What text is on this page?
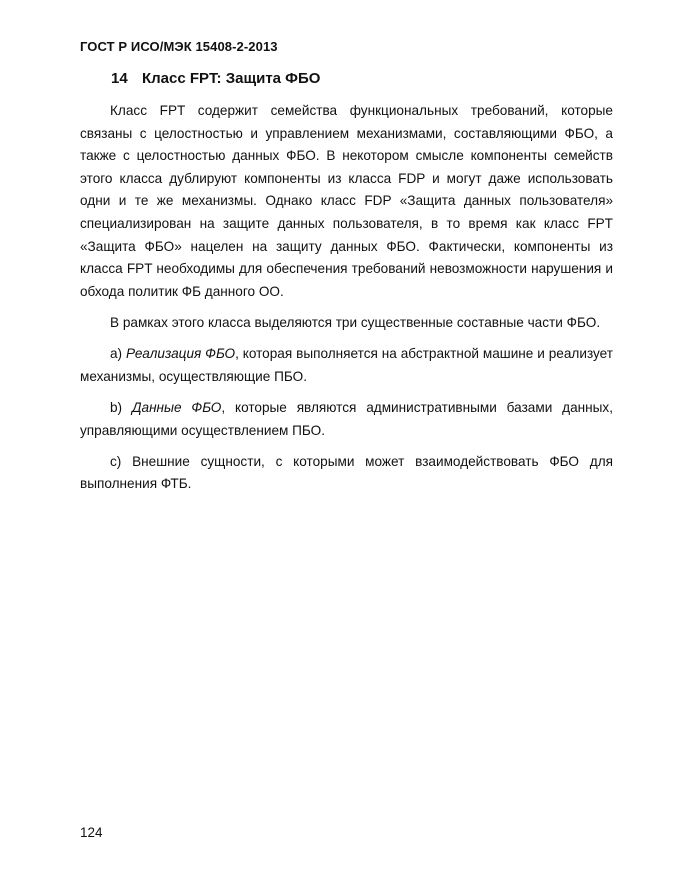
ГОСТ Р ИСО/МЭК 15408-2-2013
14 Класс FPT: Защита ФБО

Класс FPT содержит семейства функциональных требований, которые связаны с целостностью и управлением механизмами, составляющими ФБО, а также с целостностью данных ФБО. В некотором смысле компоненты семейств этого класса дублируют компоненты из класса FDP и могут даже использовать одни и те же механизмы. Однако класс FDP «Защита данных пользователя» специализирован на защите данных пользователя, в то время как класс FPT «Защита ФБО» нацелен на защиту данных ФБО. Фактически, компоненты из класса FPT необходимы для обеспечения требований невозможности нарушения и обхода политик ФБ данного ОО.

В рамках этого класса выделяются три существенные составные части ФБО.

a) Реализация ФБО, которая выполняется на абстрактной машине и реализует механизмы, осуществляющие ПБО.

b) Данные ФБО, которые являются административными базами данных, управляющими осуществлением ПБО.

c) Внешние сущности, с которыми может взаимодействовать ФБО для выполнения ФТБ.

124
